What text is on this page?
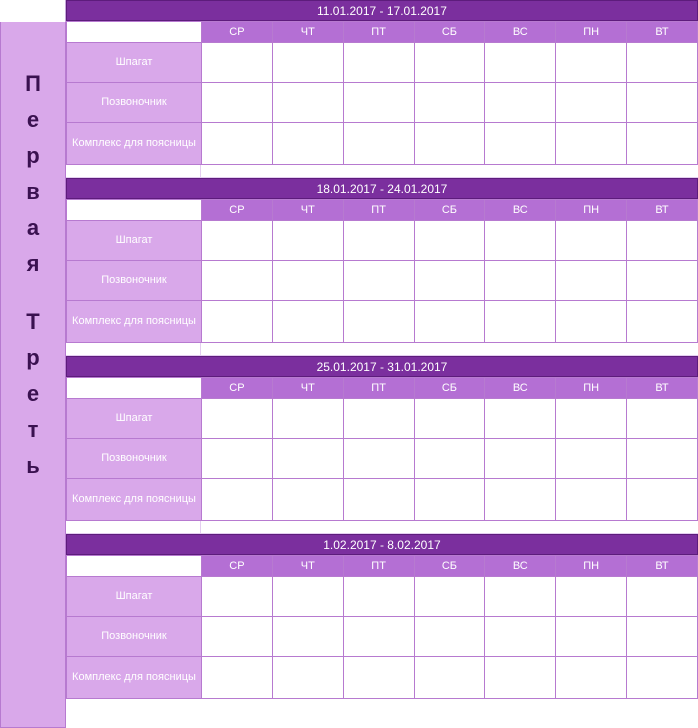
П
е
р
в
а
я
Т
р
е
т
ь
11.01.2017 - 17.01.2017
	СР	ЧТ	ПТ	СБ	ВС	ПН	ВТ
Шпагат							
Позвоночник							
Комплекс для поясницы							
18.01.2017 - 24.01.2017
	СР	ЧТ	ПТ	СБ	ВС	ПН	ВТ
Шпагат							
Позвоночник							
Комплекс для поясницы							
25.01.2017 - 31.01.2017
	СР	ЧТ	ПТ	СБ	ВС	ПН	ВТ
Шпагат							
Позвоночник							
Комплекс для поясницы							
1.02.2017 - 8.02.2017
	СР	ЧТ	ПТ	СБ	ВС	ПН	ВТ
Шпагат							
Позвоночник							
Комплекс для поясницы							
